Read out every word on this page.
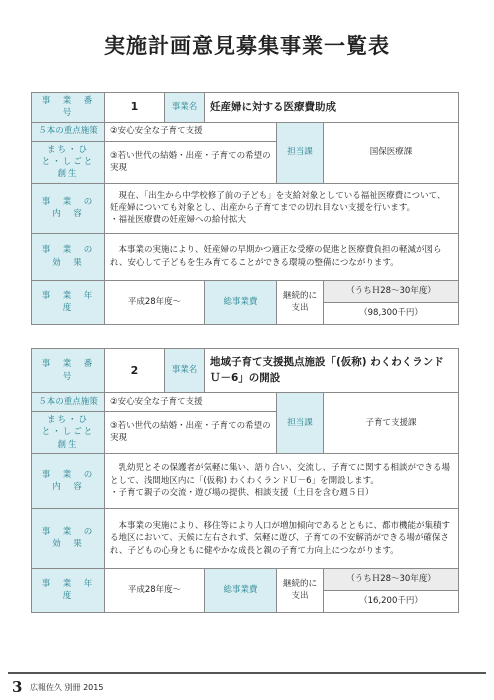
実施計画意見募集事業一覧表
事　業　番　号	1	事業名	妊産婦に対する医療費助成		
５本の重点施策	②安心安全な子育て支援			担当課	国保医療課
まち・ひと・しごと創生	③若い世代の結婚・出産・子育ての希望の実現				
事　業　の　内　容	現在、「出生から中学校修了前の子ども」を支給対象としている福祉医療費について、妊産婦についても対象とし、出産から子育てまでの切れ目ない支援を行います。

・福祉医療費の妊産婦への給付拡大				

事　業　の　効　果	本事業の実施により、妊産婦の早期かつ適正な受療の促進と医療費負担の軽減が図られ、安心して子どもを生み育てることができる環境の整備につながります。				

事　業　年　度	平成28年度～		総事業費	継続的に支出	（うちＨ28～30年度）
					（98,300千円）
事　業　番　号	2	事業名	地域子育て支援拠点施設「(仮称) わくわくランドＵ－6」の開設		
５本の重点施策	②安心安全な子育て支援			担当課	子育て支援課
まち・ひと・しごと創生	③若い世代の結婚・出産・子育ての希望の実現				
事　業　の　内　容	乳幼児とその保護者が気軽に集い、語り合い、交流し、子育てに関する相談ができる場として、浅間地区内に「(仮称) わくわくランドＵ－6」を開設します。

・子育て親子の交流・遊び場の提供、相談支援（土日を含む週５日）				

事　業　の　効　果	本事業の実施により、移住等により人口が増加傾向であるとともに、都市機能が集積する地区において、天候に左右されず、気軽に遊び、子育ての不安解消ができる場が確保され、子どもの心身ともに健やかな成長と親の子育て力向上につながります。				

事　業　年　度	平成28年度～		総事業費	継続的に支出	（うちＨ28～30年度）
					（16,200千円）
3 広報佐久 別冊 2015
